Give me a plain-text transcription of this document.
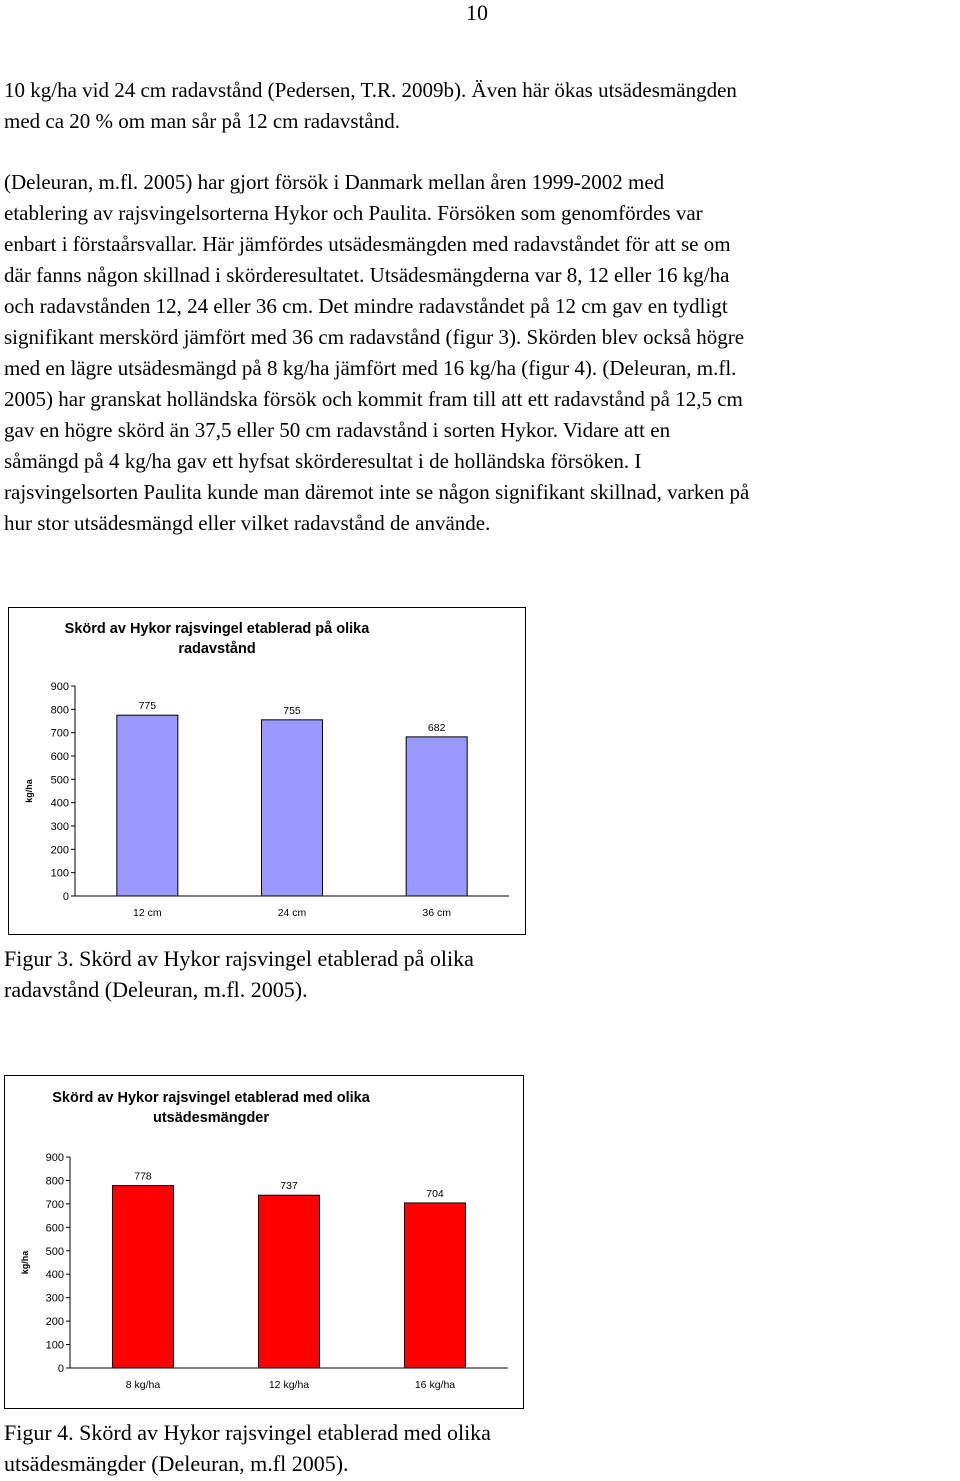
10

10 kg/ha vid 24 cm radavstånd (Pedersen, T.R. 2009b). Även här ökas utsädesmängden
med ca 20 % om man sår på 12 cm radavstånd.

(Deleuran, m.fl. 2005) har gjort försök i Danmark mellan åren 1999-2002 med
etablering av rajsvingelsorterna Hykor och Paulita. Försöken som genomfördes var
enbart i förstaårsvallar. Här jämfördes utsädesmängden med radavståndet för att se om
där fanns någon skillnad i skörderesultatet. Utsädesmängderna var 8, 12 eller 16 kg/ha
och radavstånden 12, 24 eller 36 cm. Det mindre radavståndet på 12 cm gav en tydligt
signifikant merskörd jämfört med 36 cm radavstånd (figur 3). Skörden blev också högre
med en lägre utsädesmängd på 8 kg/ha jämfört med 16 kg/ha (figur 4). (Deleuran, m.fl.
2005) har granskat holländska försök och kommit fram till att ett radavstånd på 12,5 cm
gav en högre skörd än 37,5 eller 50 cm radavstånd i sorten Hykor. Vidare att en
såmängd på 4 kg/ha gav ett hyfsat skörderesultat i de holländska försöken. I
rajsvingelsorten Paulita kunde man däremot inte se någon signifikant skillnad, varken på
hur stor utsädesmängd eller vilket radavstånd de använde.

Skörd av Hykor rajsvingel etablerad på olika
radavstånd
0
100
200
300
400
500
600
700
800
900
kg/ha
775
12 cm
755
24 cm
682
36 cm

Figur 3. Skörd av Hykor rajsvingel etablerad på olika
radavstånd (Deleuran, m.fl. 2005).

Skörd av Hykor rajsvingel etablerad med olika
utsädesmängder
0
100
200
300
400
500
600
700
800
900
kg/ha
778
8 kg/ha
737
12 kg/ha
704
16 kg/ha

Figur 4. Skörd av Hykor rajsvingel etablerad med olika
utsädesmängder (Deleuran, m.fl 2005).
